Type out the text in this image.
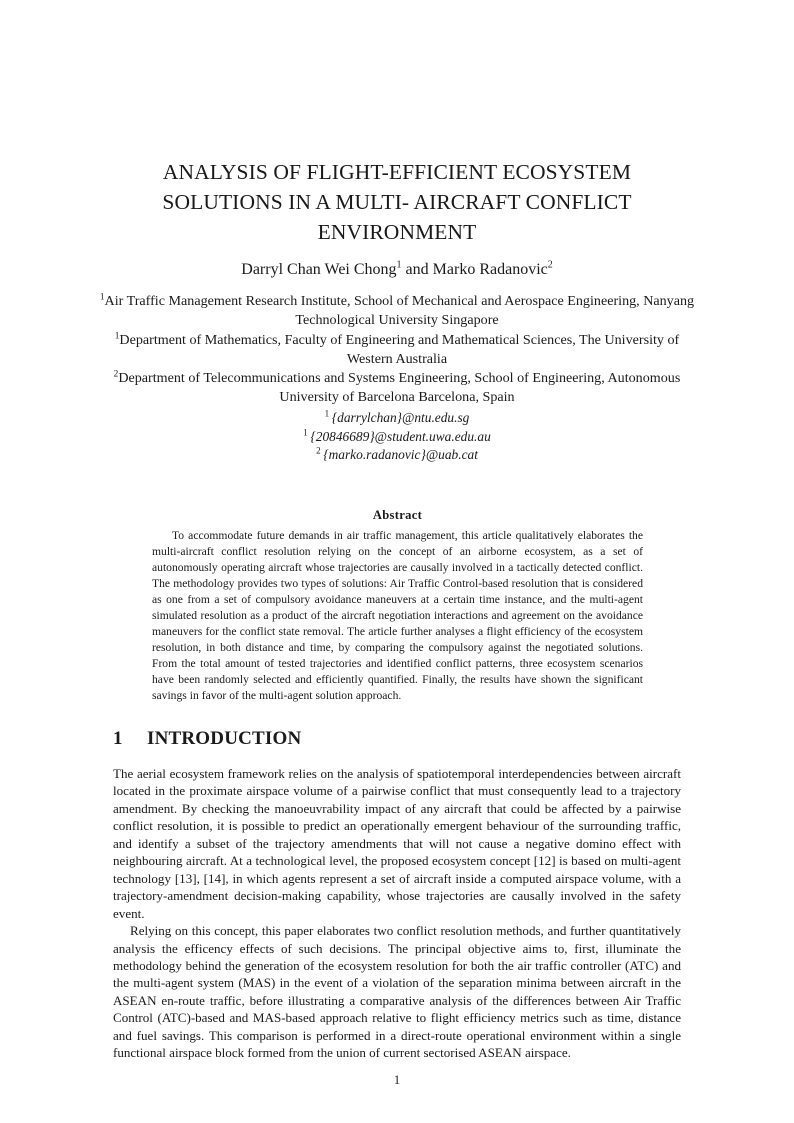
ANALYSIS OF FLIGHT-EFFICIENT ECOSYSTEM
SOLUTIONS IN A MULTI- AIRCRAFT CONFLICT
ENVIRONMENT
Darryl Chan Wei Chong$^1$ and Marko Radanovic$^2$
$^1$Air Traffic Management Research Institute, School of Mechanical and Aerospace Engineering, Nanyang Technological University Singapore
$^1$Department of Mathematics, Faculty of Engineering and Mathematical Sciences, The University of Western Australia
$^2$Department of Telecommunications and Systems Engineering, School of Engineering, Autonomous University of Barcelona Barcelona, Spain
$^1$  {darrylchan}@ntu.edu.sg
$^1$  {20846689}@student.uwa.edu.au
$^2$  {marko.radanovic}@uab.cat
Abstract
To accommodate future demands in air traffic management, this article qualitatively elaborates the multi-aircraft conflict resolution relying on the concept of an airborne ecosystem, as a set of autonomously operating aircraft whose trajectories are causally involved in a tactically detected conflict. The methodology provides two types of solutions: Air Traffic Control-based resolution that is considered as one from a set of compulsory avoidance maneuvers at a certain time instance, and the multi-agent simulated resolution as a product of the aircraft negotiation interactions and agreement on the avoidance maneuvers for the conflict state removal. The article further analyses a flight efficiency of the ecosystem resolution, in both distance and time, by comparing the compulsory against the negotiated solutions. From the total amount of tested trajectories and identified conflict patterns, three ecosystem scenarios have been randomly selected and efficiently quantified. Finally, the results have shown the significant savings in favor of the multi-agent solution approach.
1 INTRODUCTION

The aerial ecosystem framework relies on the analysis of spatiotemporal interdependencies between aircraft located in the proximate airspace volume of a pairwise conflict that must consequently lead to a trajectory amendment. By checking the manoeuvrability impact of any aircraft that could be affected by a pairwise conflict resolution, it is possible to predict an operationally emergent behaviour of the surrounding traffic, and identify a subset of the trajectory amendments that will not cause a negative domino effect with neighbouring aircraft. At a technological level, the proposed ecosystem concept [12] is based on multi-agent technology [13], [14], in which agents represent a set of aircraft inside a computed airspace volume, with a trajectory-amendment decision-making capability, whose trajectories are causally involved in the safety event.

Relying on this concept, this paper elaborates two conflict resolution methods, and further quantitatively analysis the efficency effects of such decisions. The principal objective aims to, first, illuminate the methodology behind the generation of the ecosystem resolution for both the air traffic controller (ATC) and the multi-agent system (MAS) in the event of a violation of the separation minima between aircraft in the ASEAN en-route traffic, before illustrating a comparative analysis of the differences between Air Traffic Control (ATC)-based and MAS-based approach relative to flight efficiency metrics such as time, distance and fuel savings. This comparison is performed in a direct-route operational environment within a single functional airspace block formed from the union of current sectorised ASEAN airspace.

1
